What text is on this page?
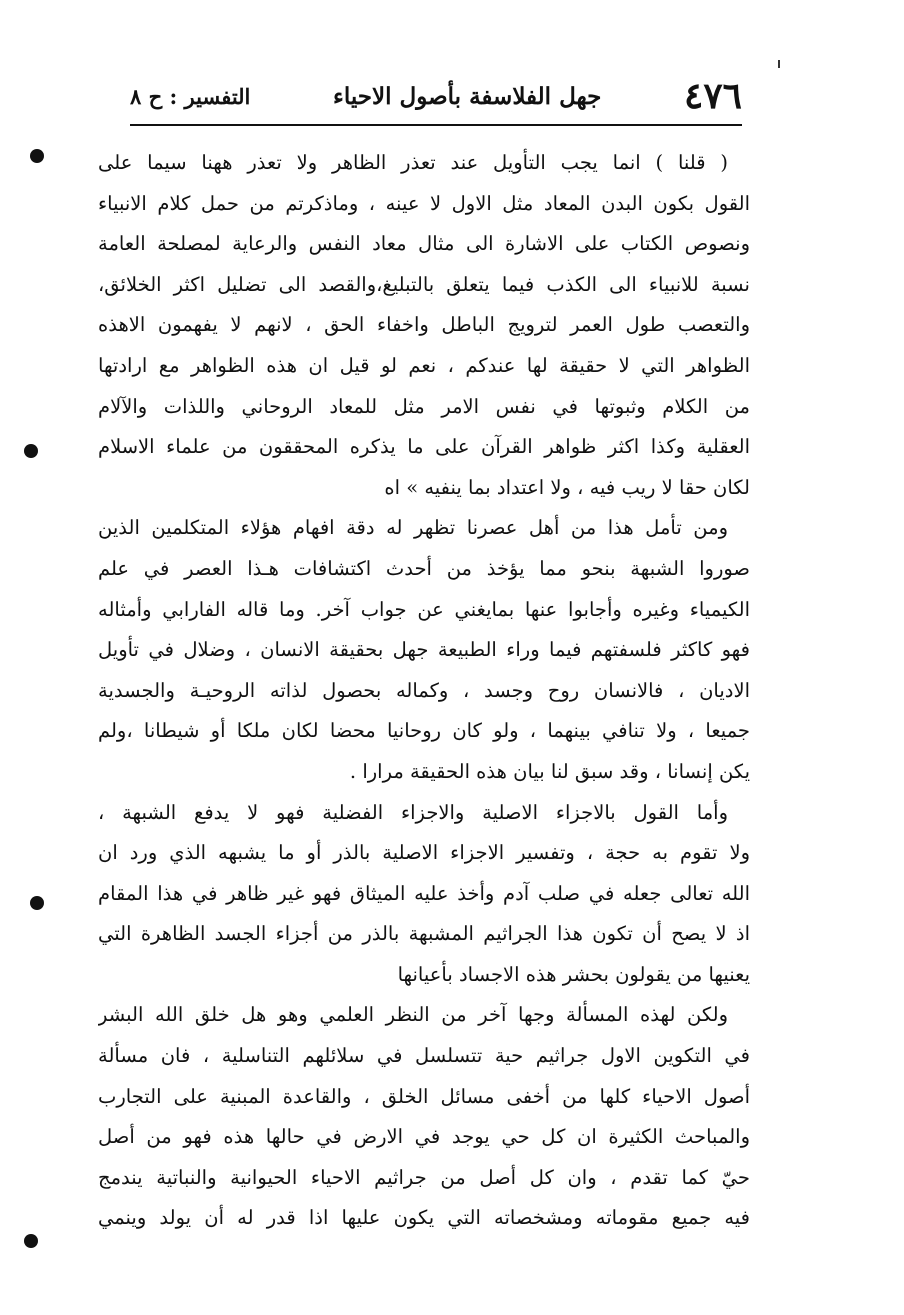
٤٧٦
جهل الفلاسفة بأصول الاحياء
التفسير : ح ٨
( قلنا ) انما يجب التأويل عند تعذر الظاهر ولا تعذر ههنا سيما على
القول بكون البدن المعاد مثل الاول لا عينه ، وماذكرتم من حمل كلام الانبياء
ونصوص الكتاب على الاشارة الى مثال معاد النفس والرعاية لمصلحة العامة
نسبة للانبياء الى الكذب فيما يتعلق بالتبليغ،والقصد الى تضليل اكثر الخلائق،
والتعصب طول العمر لترويج الباطل واخفاء الحق ، لانهم لا يفهمون الاهذه
الظواهر التي لا حقيقة لها عندكم ، نعم لو قيل ان هذه الظواهر مع ارادتها
من الكلام وثبوتها في نفس الامر مثل للمعاد الروحاني واللذات والآلام
العقلية وكذا اكثر ظواهر القرآن على ما يذكره المحققون من علماء الاسلام
لكان حقا لا ريب فيه ، ولا اعتداد بما ينفيه » اه
ومن تأمل هذا من أهل عصرنا تظهر له دقة افهام هؤلاء المتكلمين الذين
صوروا الشبهة بنحو مما يؤخذ من أحدث اكتشافات هـذا العصر في علم
الكيمياء وغيره وأجابوا عنها بمايغني عن جواب آخر. وما قاله الفارابي وأمثاله
فهو كاكثر فلسفتهم فيما وراء الطبيعة جهل بحقيقة الانسان ، وضلال في تأويل
الاديان ، فالانسان روح وجسد ، وكماله بحصول لذاته الروحيـة والجسدية
جميعا ، ولا تنافي بينهما ، ولو كان روحانيا محضا لكان ملكا أو شيطانا ،ولم
يكن إنسانا ، وقد سبق لنا بيان هذه الحقيقة مرارا .
وأما القول بالاجزاء الاصلية والاجزاء الفضلية فهو لا يدفع الشبهة ،
ولا تقوم به حجة ، وتفسير الاجزاء الاصلية بالذر أو ما يشبهه الذي ورد ان
الله تعالى جعله في صلب آدم وأخذ عليه الميثاق فهو غير ظاهر في هذا المقام
اذ لا يصح أن تكون هذا الجراثيم المشبهة بالذر من أجزاء الجسد الظاهرة التي
يعنيها من يقولون بحشر هذه الاجساد بأعيانها
ولكن لهذه المسألة وجها آخر من النظر العلمي وهو هل خلق الله البشر
في التكوين الاول جراثيم حية تتسلسل في سلائلهم التناسلية ، فان مسألة
أصول الاحياء كلها من أخفى مسائل الخلق ، والقاعدة المبنية على التجارب
والمباحث الكثيرة ان كل حي يوجد في الارض في حالها هذه فهو من أصل
حيّ كما تقدم ، وان كل أصل من جراثيم الاحياء الحيوانية والنباتية يندمج
فيه جميع مقوماته ومشخصاته التي يكون عليها اذا قدر له أن يولد وينمي
